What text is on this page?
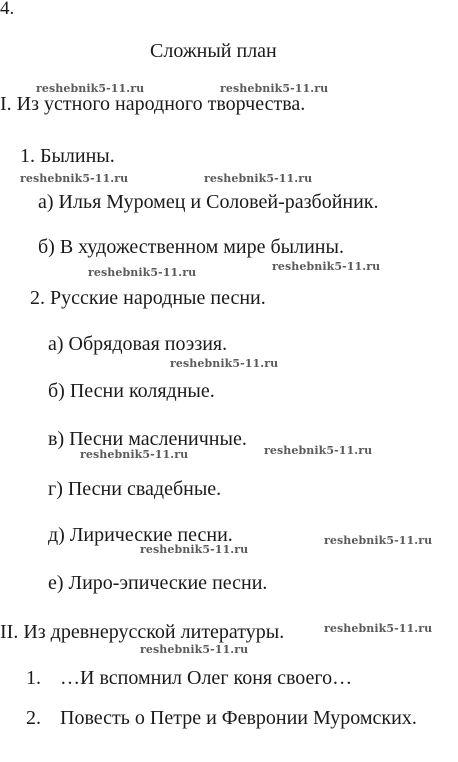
4.
Сложный план
I. Из устного народного творчества.
1. Былины.
а) Илья Муромец и Соловей-разбойник.
б) В художественном мире былины.
2. Русские народные песни.
а) Обрядовая поэзия.
б) Песни колядные.
в) Песни масленичные.
г) Песни свадебные.
д) Лирические песни.
е) Лиро-эпические песни.
II. Из древнерусской литературы.
1. …И вспомнил Олег коня своего…
2. Повесть о Петре и Февронии Муромских.
reshebnik5-11.ru	reshebnik5-11.ru
reshebnik5-11.ru	reshebnik5-11.ru
reshebnik5-11.ru	reshebnik5-11.ru
reshebnik5-11.ru
reshebnik5-11.ru	reshebnik5-11.ru
reshebnik5-11.ru
reshebnik5-11.ru
reshebnik5-11.ru
reshebnik5-11.ru
